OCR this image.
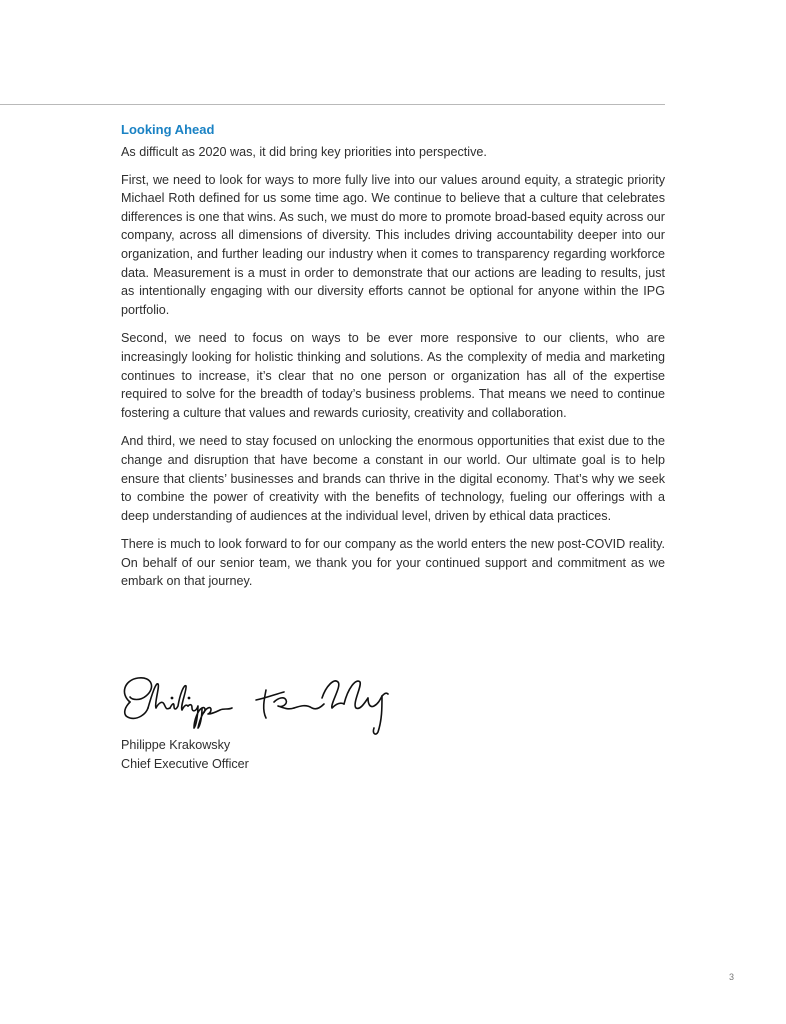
Looking Ahead

As difficult as 2020 was, it did bring key priorities into perspective.

First, we need to look for ways to more fully live into our values around equity, a strategic priority Michael Roth defined for us some time ago. We continue to believe that a culture that celebrates differences is one that wins. As such, we must do more to promote broad-based equity across our company, across all dimensions of diversity. This includes driving accountability deeper into our organization, and further leading our industry when it comes to transparency regarding workforce data. Measurement is a must in order to demonstrate that our actions are leading to results, just as intentionally engaging with our diversity efforts cannot be optional for anyone within the IPG portfolio.

Second, we need to focus on ways to be ever more responsive to our clients, who are increasingly looking for holistic thinking and solutions. As the complexity of media and marketing continues to increase, it’s clear that no one person or organization has all of the expertise required to solve for the breadth of today’s business problems. That means we need to continue fostering a culture that values and rewards curiosity, creativity and collaboration.

And third, we need to stay focused on unlocking the enormous opportunities that exist due to the change and disruption that have become a constant in our world. Our ultimate goal is to help ensure that clients’ businesses and brands can thrive in the digital economy. That’s why we seek to combine the power of creativity with the benefits of technology, fueling our offerings with a deep understanding of audiences at the individual level, driven by ethical data practices.

There is much to look forward to for our company as the world enters the new post-COVID reality. On behalf of our senior team, we thank you for your continued support and commitment as we embark on that journey.

Philippe Krakowsky
Chief Executive Officer
3
